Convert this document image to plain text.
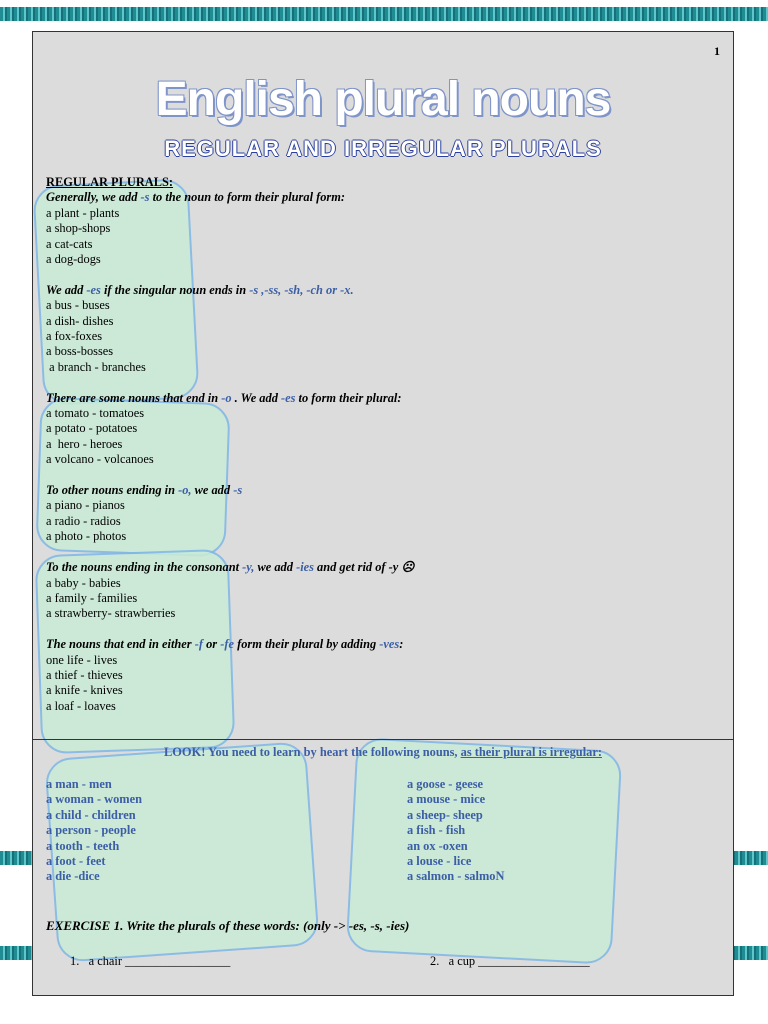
1
English plural nouns
REGULAR AND IRREGULAR PLURALS
REGULAR PLURALS:
Generally, we add -s to the noun to form their plural form:
a plant - plants
a shop-shops
a cat-cats
a dog-dogs
We add -es if the singular noun ends in -s ,-ss, -sh, -ch or -x.
a bus - buses
a dish- dishes
a fox-foxes
a boss-bosses
a branch - branches
There are some nouns that end in -o . We add -es to form their plural:
a tomato - tomatoes
a potato - potatoes
a  hero - heroes
a volcano - volcanoes
To other nouns ending in -o, we add -s
a piano - pianos
a radio - radios
a photo - photos
To the nouns ending in the consonant -y, we add -ies and get rid of -y ☹
a baby - babies
a family - families
a strawberry- strawberries
The nouns that end in either -f or -fe form their plural by adding -ves:
one life - lives
a thief - thieves
a knife - knives
a loaf - loaves
LOOK! You need to learn by heart the following nouns, as their plural is irregular:
a man - men
a woman - women
a child - children
a person - people
a tooth - teeth
a foot - feet
a die -dice
a goose - geese
a mouse - mice
a sheep- sheep
a fish - fish
an ox -oxen
a louse - lice
a salmon - salmoN
EXERCISE 1. Write the plurals of these words: (only -> -es, -s, -ies)
1. a chair _________________	2. a cup __________________
